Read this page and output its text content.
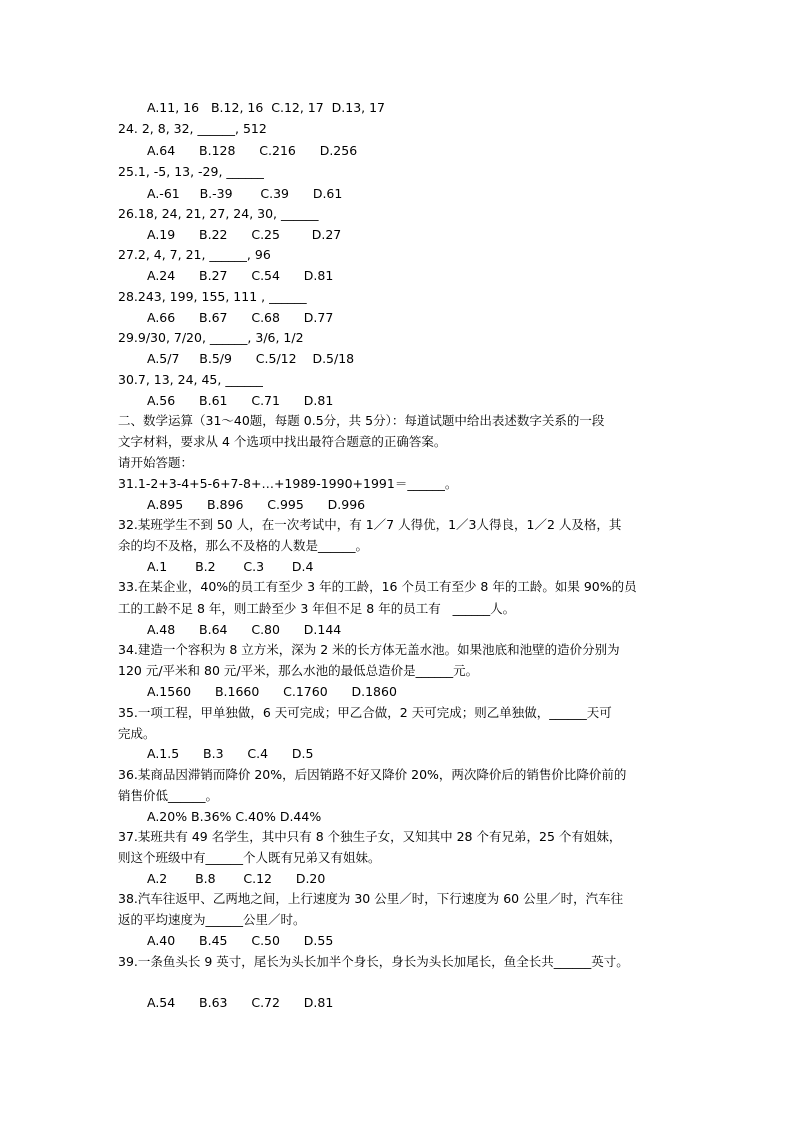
A.11, 16   B.12, 16  C.12, 17  D.13, 17
24. 2, 8, 32, ______, 512
A.64      B.128      C.216      D.256
25.1, -5, 13, -29, ______
A.-61     B.-39       C.39      D.61
26.18, 24, 21, 27, 24, 30, ______
A.19      B.22      C.25        D.27
27.2, 4, 7, 21, ______, 96
A.24      B.27      C.54      D.81
28.243, 199, 155, 111 , ______
A.66      B.67      C.68      D.77
29.9/30, 7/20, ______, 3/6, 1/2
A.5/7     B.5/9      C.5/12    D.5/18
30.7, 13, 24, 45, ______
A.56      B.61      C.71      D.81
二、数学运算（31～40题，每题 0.5分，共 5分）：每道试题中给出表述数字关系的一段
文字材料，要求从 4 个选项中找出最符合题意的正确答案。
请开始答题：
31.1-2+3-4+5-6+7-8+…+1989-1990+1991＝______。
A.895      B.896      C.995      D.996
32.某班学生不到 50 人，在一次考试中，有 1／7 人得优，1／3人得良，1／2 人及格，其
余的均不及格，那么不及格的人数是______。
A.1       B.2       C.3       D.4
33.在某企业，40%的员工有至少 3 年的工龄，16 个员工有至少 8 年的工龄。如果 90%的员
工的工龄不足 8 年，则工龄至少 3 年但不足 8 年的员工有   ______人。
A.48      B.64      C.80      D.144
34.建造一个容积为 8 立方米，深为 2 米的长方体无盖水池。如果池底和池壁的造价分别为
120 元/平米和 80 元/平米，那么水池的最低总造价是______元。
A.1560      B.1660      C.1760      D.1860
35.一项工程，甲单独做，6 天可完成；甲乙合做，2 天可完成；则乙单独做，______天可
完成。
A.1.5      B.3      C.4      D.5
36.某商品因滞销而降价 20%，后因销路不好又降价 20%，两次降价后的销售价比降价前的
销售价低______。
A.20% B.36% C.40% D.44%
37.某班共有 49 名学生，其中只有 8 个独生子女，又知其中 28 个有兄弟，25 个有姐妹，
则这个班级中有______个人既有兄弟又有姐妹。
A.2       B.8       C.12      D.20
38.汽车往返甲、乙两地之间，上行速度为 30 公里／时，下行速度为 60 公里／时，汽车往
返的平均速度为______公里／时。
A.40      B.45      C.50      D.55
39.一条鱼头长 9 英寸，尾长为头长加半个身长，身长为头长加尾长，鱼全长共______英寸。
A.54      B.63      C.72      D.81
